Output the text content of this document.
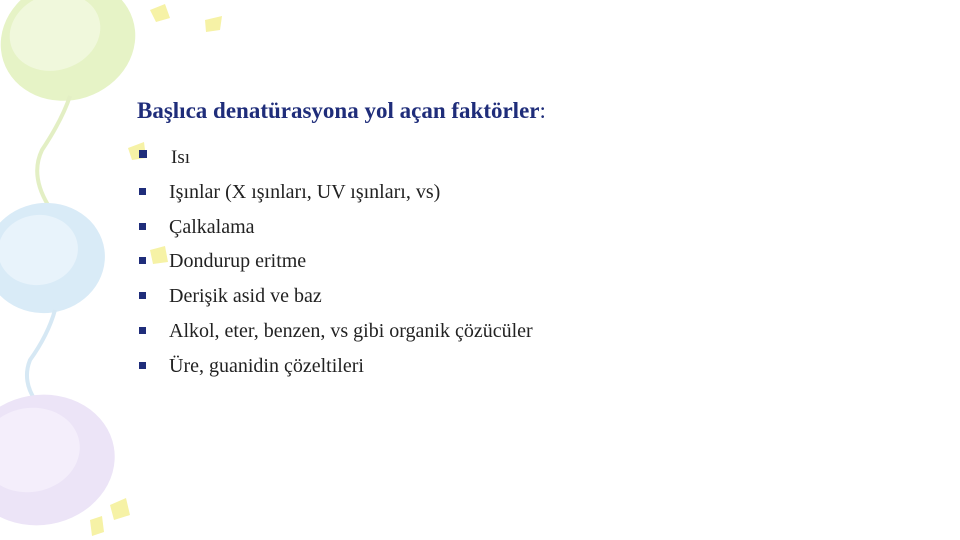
Başlıca denatürasyona yol açan faktörler:
Isı
Işınlar (X ışınları, UV ışınları, vs)
Çalkalama
Dondurup eritme
Derişik asid ve baz
Alkol, eter, benzen, vs gibi organik çözücüler
Üre, guanidin çözeltileri
